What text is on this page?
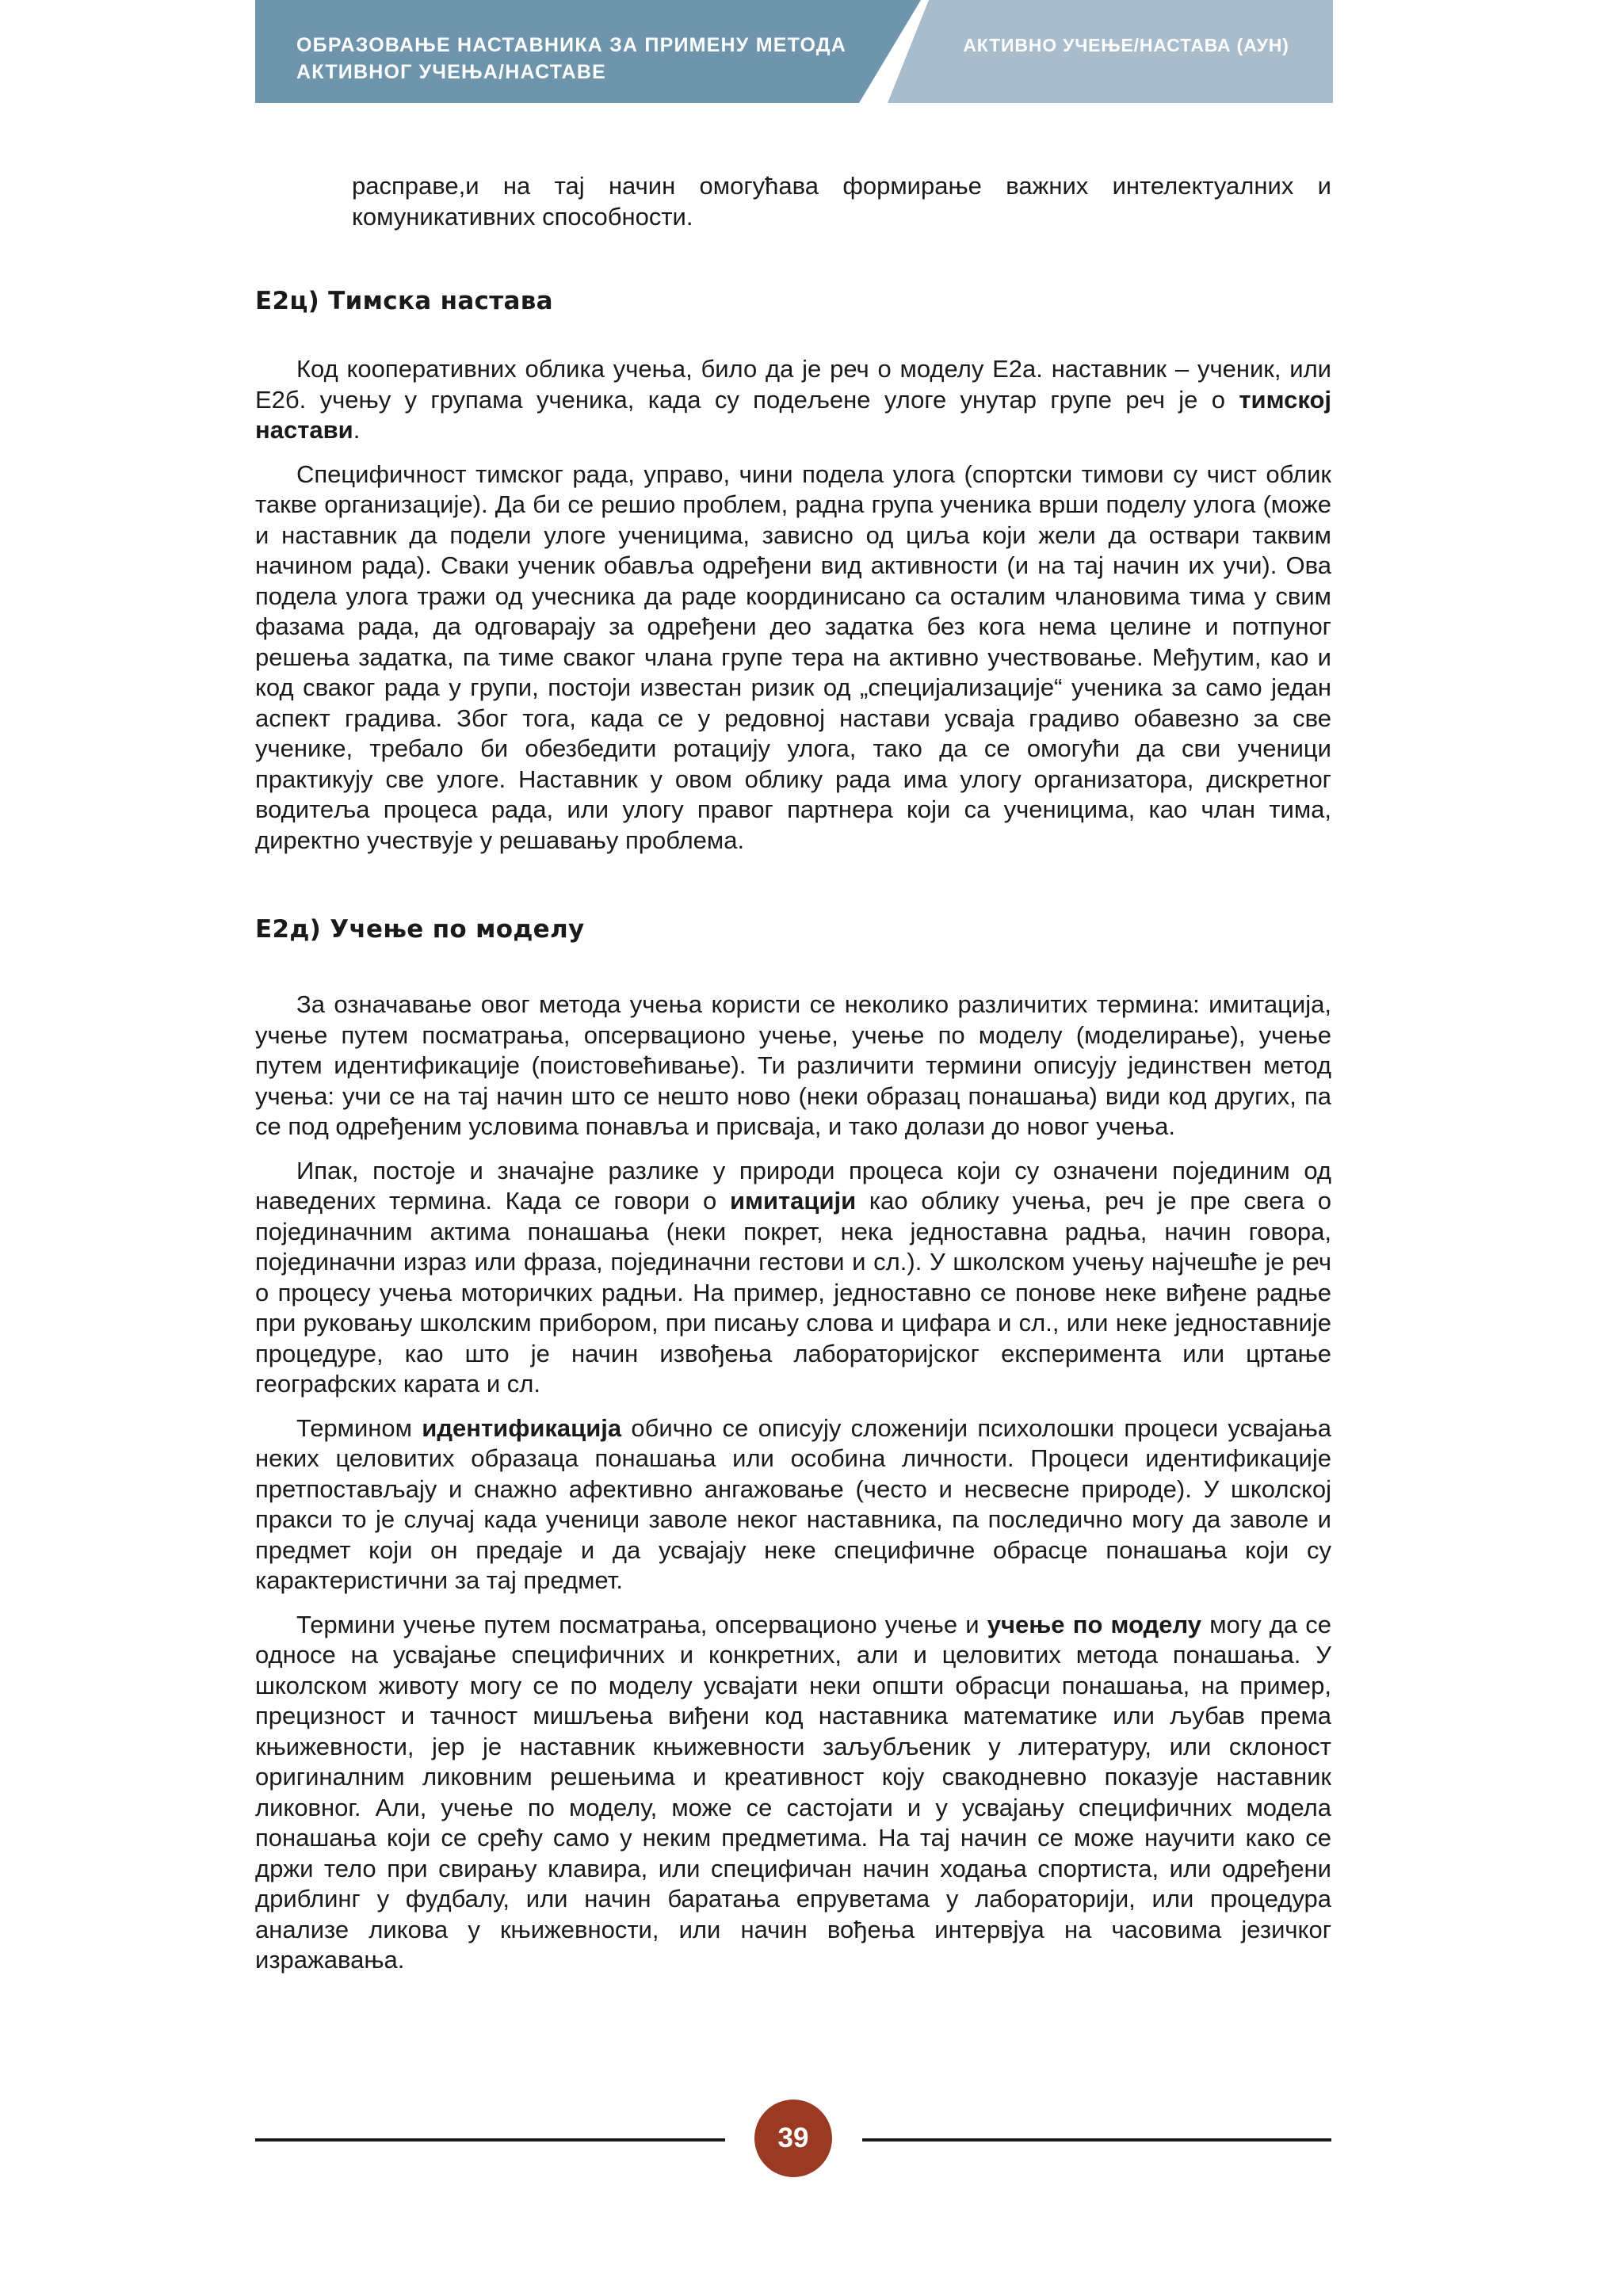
ОБРАЗОВАЊЕ НАСТАВНИКА ЗА ПРИМЕНУ МЕТОДА
АКТИВНОГ УЧЕЊА/НАСТАВЕ
АКТИВНО УЧЕЊЕ/НАСТАВА (АУН)

расправе,и на тај начин омогућава формирање важних интелектуалних и комуникативних способности.

Е2ц) Тимска настава

Код кооперативних облика учења, било да је реч о моделу Е2а. наставник – ученик, или Е2б. учењу у групама ученика, када су подељене улоге унутар групе реч је о тимској настави.

Специфичност тимског рада, управо, чини подела улога (спортски тимови су чист облик такве организације). Да би се решио проблем, радна група ученика врши поделу улога (може и наставник да подели улоге ученицима, зависно од циља који жели да оствари таквим начином рада). Сваки ученик обавља одређени вид активности (и на тај начин их учи). Ова подела улога тражи од учесника да раде координисано са осталим члановима тима у свим фазама рада, да одговарају за одређени део задатка без кога нема целине и потпуног решења задатка, па тиме сваког члана групе тера на активно учествовање. Међутим, као и код сваког рада у групи, постоји известан ризик од „специјализације“ ученика за само један аспект градива. Због тога, када се у редовној настави усваја градиво обавезно за све ученике, требало би обезбедити ротацију улога, тако да се омогући да сви ученици практикују све улоге. Наставник у овом облику рада има улогу организатора, дискретног водитеља процеса рада, или улогу правог партнера који са ученицима, као члан тима, директно учествује у решавању проблема.

Е2д) Учење по моделу

За означавање овог метода учења користи се неколико различитих термина: имитација, учење путем посматрања, опсервационо учење, учење по моделу (моделирање), учење путем идентификације (поистовећивање). Ти различити термини описују јединствен метод учења: учи се на тај начин што се нешто ново (неки образац понашања) види код других, па се под одређеним условима понавља и присваја, и тако долази до новог учења.

Ипак, постоје и значајне разлике у природи процеса који су означени појединим од наведених термина. Када се говори о имитацији као облику учења, реч је пре свега о појединачним актима понашања (неки покрет, нека једноставна радња, начин говора, појединачни израз или фраза, појединачни гестови и сл.). У школском учењу најчешће је реч о процесу учења моторичких радњи. На пример, једноставно се понове неке виђене радње при руковању школским прибором, при писању слова и цифара и сл., или неке једноставније процедуре, као што је начин извођења лабораторијског експеримента или цртање географских карата и сл.

Термином идентификација обично се описују сложенији психолошки процеси усвајања неких целовитих образаца понашања или особина личности. Процеси идентификације претпостављају и снажно афективно ангажовање (често и несвесне природе). У школској пракси то је случај када ученици заволе неког наставника, па последично могу да заволе и предмет који он предаје и да усвајају неке специфичне обрасце понашања који су карактеристични за тај предмет.

Термини учење путем посматрања, опсервационо учење и учење по моделу могу да се односе на усвајање специфичних и конкретних, али и целовитих метода понашања. У школском животу могу се по моделу усвајати неки општи обрасци понашања, на пример, прецизност и тачност мишљења виђени код наставника математике или љубав према књижевности, јер је наставник књижевности заљубљеник у литературу, или склоност оригиналним ликовним решењима и креативност коју свакодневно показује наставник ликовног. Али, учење по моделу, може се састојати и у усвајању специфичних модела понашања који се срећу само у неким предметима. На тај начин се може научити како се држи тело при свирању клавира, или специфичан начин ходања спортиста, или одређени дриблинг у фудбалу, или начин баратања епруветама у лабораторији, или процедура анализе ликова у књижевности, или начин вођења интервјуа на часовима језичког изражавања.

39
